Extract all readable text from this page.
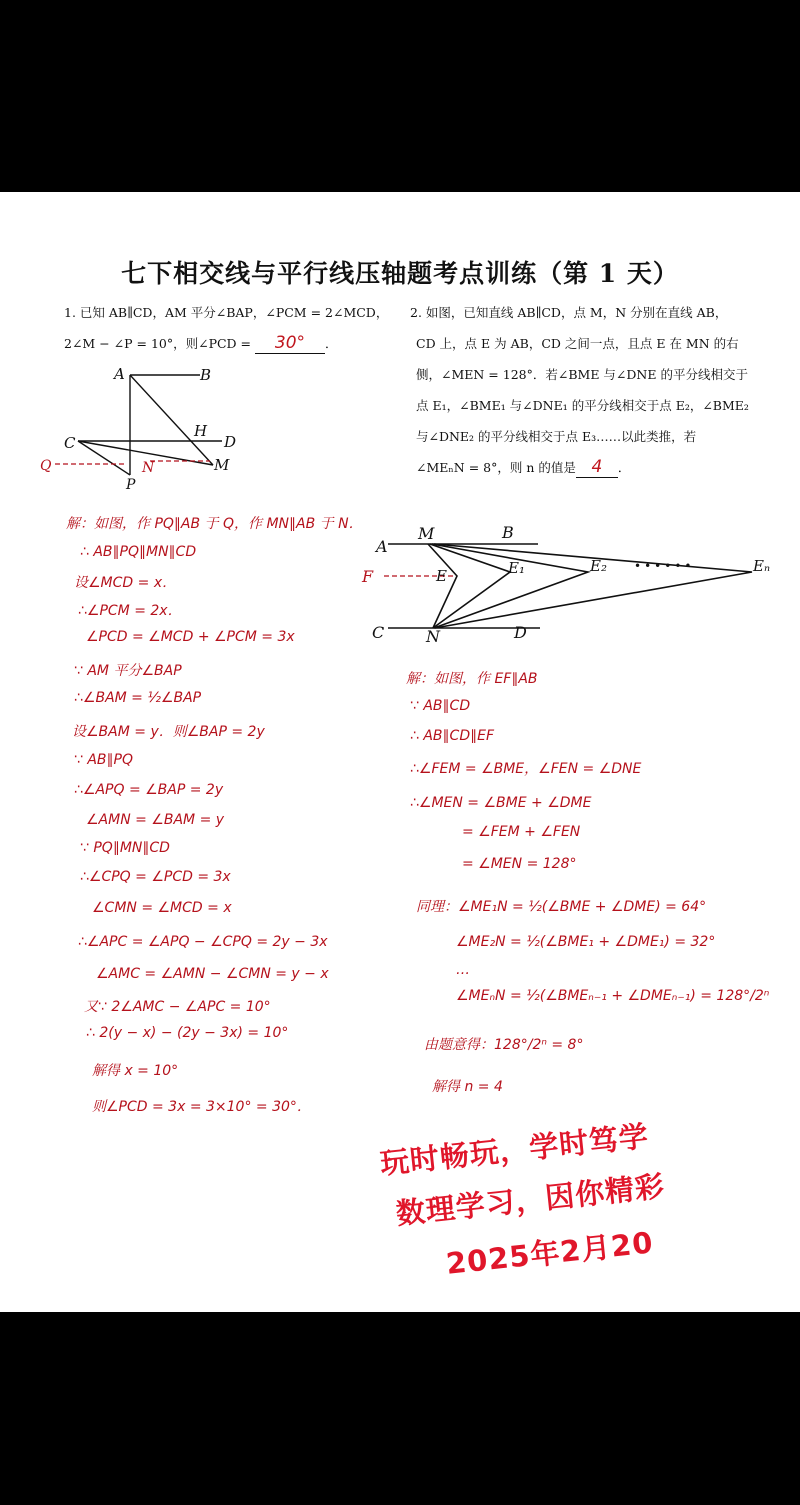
七下相交线与平行线压轴题考点训练（第 1 天）
1. 已知 AB∥CD，AM 平分∠BAP，∠PCM = 2∠MCD，
2∠M − ∠P = 10°，则∠PCD = 30° ．
2. 如图，已知直线 AB∥CD，点 M，N 分别在直线 AB，
CD 上，点 E 为 AB，CD 之间一点，且点 E 在 MN 的右
侧，∠MEN = 128°．若∠BME 与∠DNE 的平分线相交于
点 E₁，∠BME₁ 与∠DNE₁ 的平分线相交于点 E₂，∠BME₂
与∠DNE₂ 的平分线相交于点 E₃……以此类推，若
∠MEₙN = 8°，则 n 的值是 4 ．
A	B
C	D
H
Q
P
N	M
A
M	B
F	E	E₁	E₂ ••••••	Eₙ
C	N	D
解：如图，作 PQ∥AB 于 Q，作 MN∥AB 于 N．
∴ AB∥PQ∥MN∥CD
设∠MCD = x．
∴∠PCM = 2x．
∠PCD = ∠MCD + ∠PCM = 3x
∵ AM 平分∠BAP
∴∠BAM = ½∠BAP
设∠BAM = y．则∠BAP = 2y
∵ AB∥PQ
∴∠APQ = ∠BAP = 2y
∠AMN = ∠BAM = y
∵ PQ∥MN∥CD
∴∠CPQ = ∠PCD = 3x
∠CMN = ∠MCD = x
∴∠APC = ∠APQ − ∠CPQ = 2y − 3x
∠AMC = ∠AMN − ∠CMN = y − x
又∵ 2∠AMC − ∠APC = 10°
∴ 2(y − x) − (2y − 3x) = 10°
解得 x = 10°
则∠PCD = 3x = 3×10° = 30°．
解：如图，作 EF∥AB
∵ AB∥CD
∴ AB∥CD∥EF
∴∠FEM = ∠BME，∠FEN = ∠DNE
∴∠MEN = ∠BME + ∠DME
= ∠FEM + ∠FEN
= ∠MEN = 128°
同理：∠ME₁N = ½(∠BME + ∠DME) = 64°
∠ME₂N = ½(∠BME₁ + ∠DME₁) = 32°
…
∠MEₙN = ½(∠BMEₙ₋₁ + ∠DMEₙ₋₁) = 128°/2ⁿ
由题意得：128°/2ⁿ = 8°
解得 n = 4
玩时畅玩，学时笃学
数理学习，因你精彩
2025年2月20
